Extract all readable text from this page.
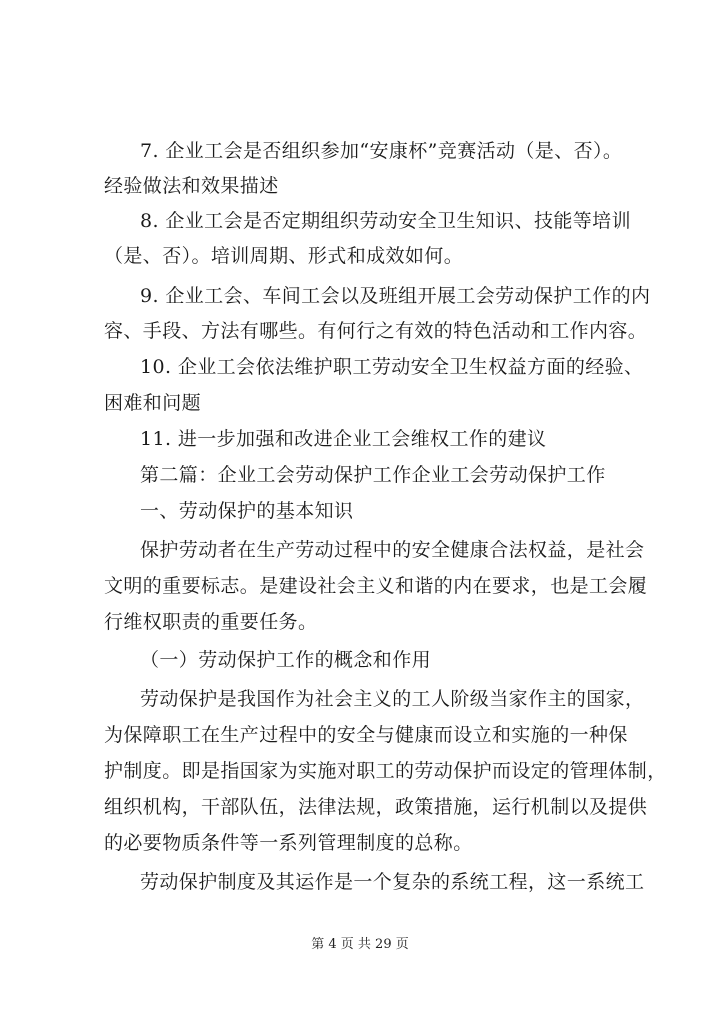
7. 企业工会是否组织参加“安康杯”竞赛活动（是、否）。
经验做法和效果描述
8. 企业工会是否定期组织劳动安全卫生知识、技能等培训
（是、否）。培训周期、形式和成效如何。
9. 企业工会、车间工会以及班组开展工会劳动保护工作的内
容、手段、方法有哪些。有何行之有效的特色活动和工作内容。
10. 企业工会依法维护职工劳动安全卫生权益方面的经验、
困难和问题
11. 进一步加强和改进企业工会维权工作的建议
第二篇：企业工会劳动保护工作企业工会劳动保护工作
一、劳动保护的基本知识
保护劳动者在生产劳动过程中的安全健康合法权益，是社会
文明的重要标志。是建设社会主义和谐的内在要求，也是工会履
行维权职责的重要任务。
（一）劳动保护工作的概念和作用
劳动保护是我国作为社会主义的工人阶级当家作主的国家，
为保障职工在生产过程中的安全与健康而设立和实施的一种保
护制度。即是指国家为实施对职工的劳动保护而设定的管理体制，
组织机构，干部队伍，法律法规，政策措施，运行机制以及提供
的必要物质条件等一系列管理制度的总称。
劳动保护制度及其运作是一个复杂的系统工程，这一系统工
第 4 页 共 29 页
